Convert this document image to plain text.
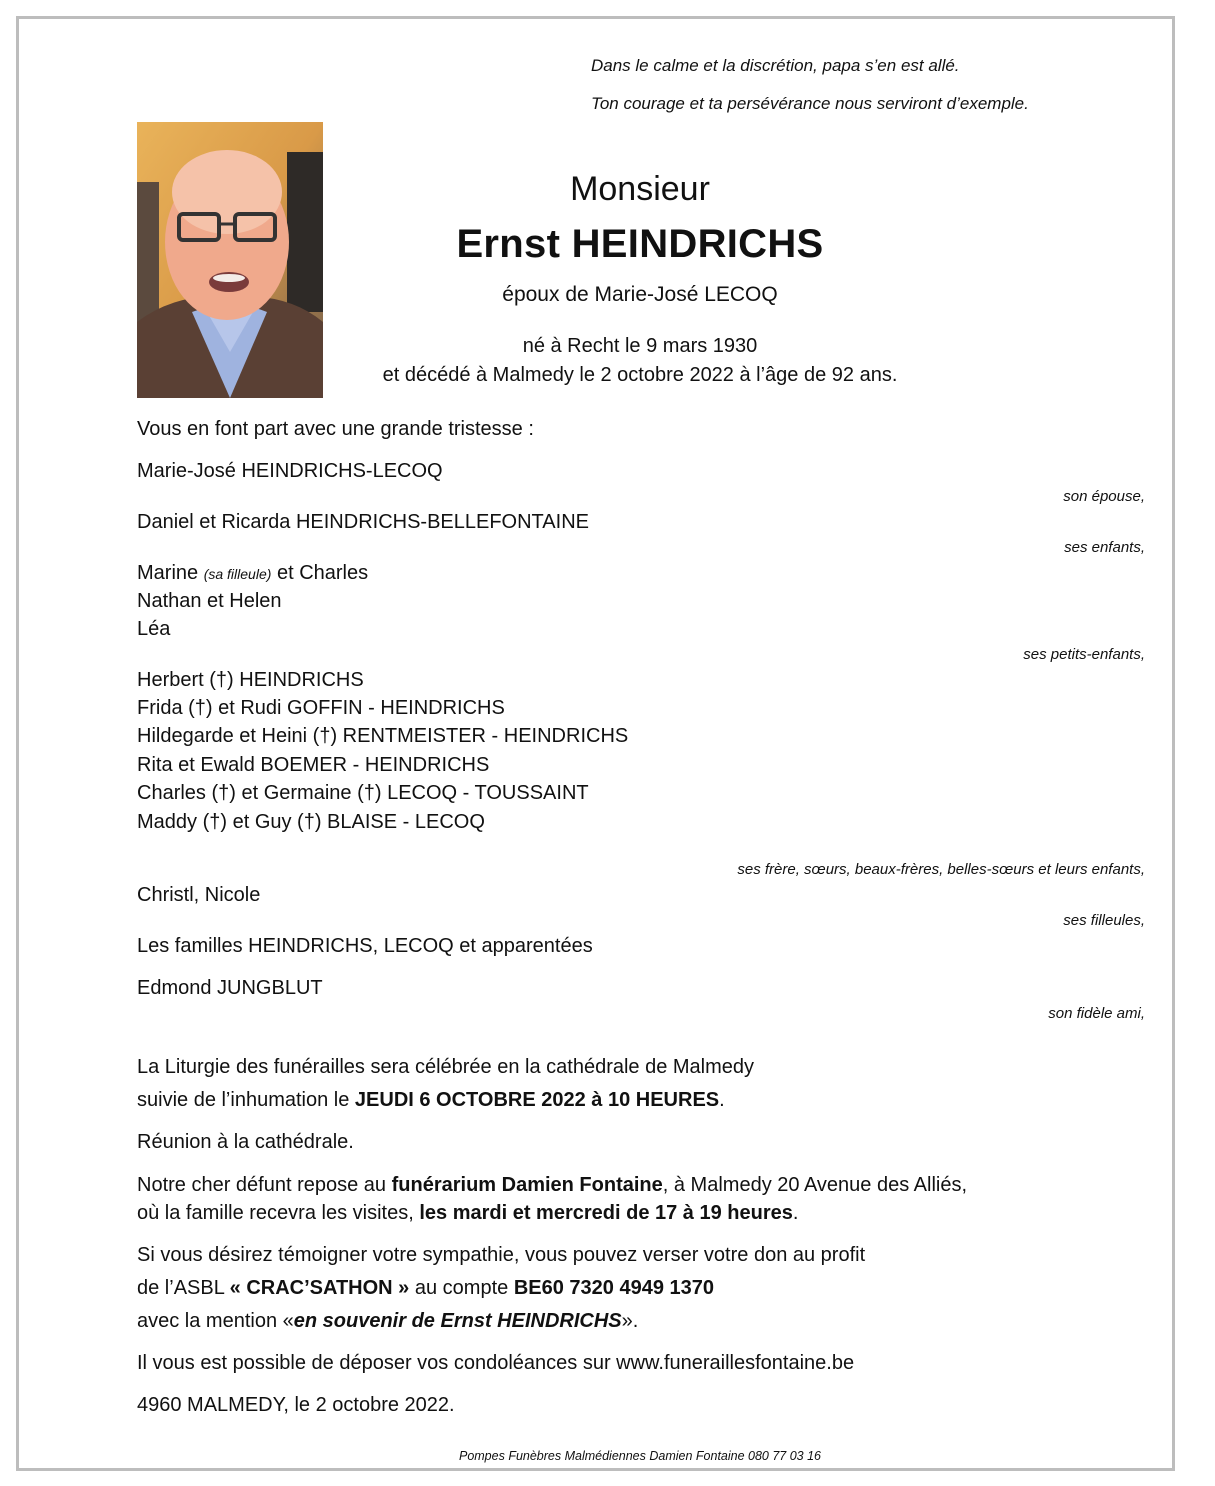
Dans le calme et la discrétion, papa s’en est allé.
Ton courage et ta persévérance nous serviront d’exemple.
Monsieur
Ernst HEINDRICHS
époux de Marie-José LECOQ
né à Recht le 9 mars 1930
et décédé à Malmedy le 2 octobre 2022 à l’âge de 92 ans.
Vous en font part avec une grande tristesse :
Marie-José HEINDRICHS-LECOQ
son épouse,
Daniel et Ricarda HEINDRICHS-BELLEFONTAINE
ses enfants,
Marine (sa filleule) et Charles
Nathan et Helen
Léa
ses petits-enfants,
Herbert (†) HEINDRICHS
Frida (†) et Rudi GOFFIN - HEINDRICHS
Hildegarde et Heini (†) RENTMEISTER - HEINDRICHS
Rita et Ewald BOEMER - HEINDRICHS
Charles (†) et Germaine (†) LECOQ - TOUSSAINT
Maddy (†) et Guy (†) BLAISE - LECOQ
ses frère, sœurs, beaux-frères, belles-sœurs et leurs enfants,
Christl, Nicole
ses filleules,
Les familles HEINDRICHS, LECOQ et apparentées
Edmond JUNGBLUT
son fidèle ami,
La Liturgie des funérailles sera célébrée en la cathédrale de Malmedy
suivie de l’inhumation le JEUDI 6 OCTOBRE 2022 à 10 HEURES.
Réunion à la cathédrale.
Notre cher défunt repose au funérarium Damien Fontaine, à Malmedy 20 Avenue des Alliés,
où la famille recevra les visites, les mardi et mercredi de 17 à 19 heures.
Si vous désirez témoigner votre sympathie, vous pouvez verser votre don au profit
de l’ASBL « CRAC’SATHON » au compte BE60 7320 4949 1370
avec la mention «en souvenir de Ernst HEINDRICHS».
Il vous est possible de déposer vos condoléances sur www.funeraillesfontaine.be
4960 MALMEDY, le 2 octobre 2022.
Pompes Funèbres Malmédiennes Damien Fontaine 080 77 03 16
